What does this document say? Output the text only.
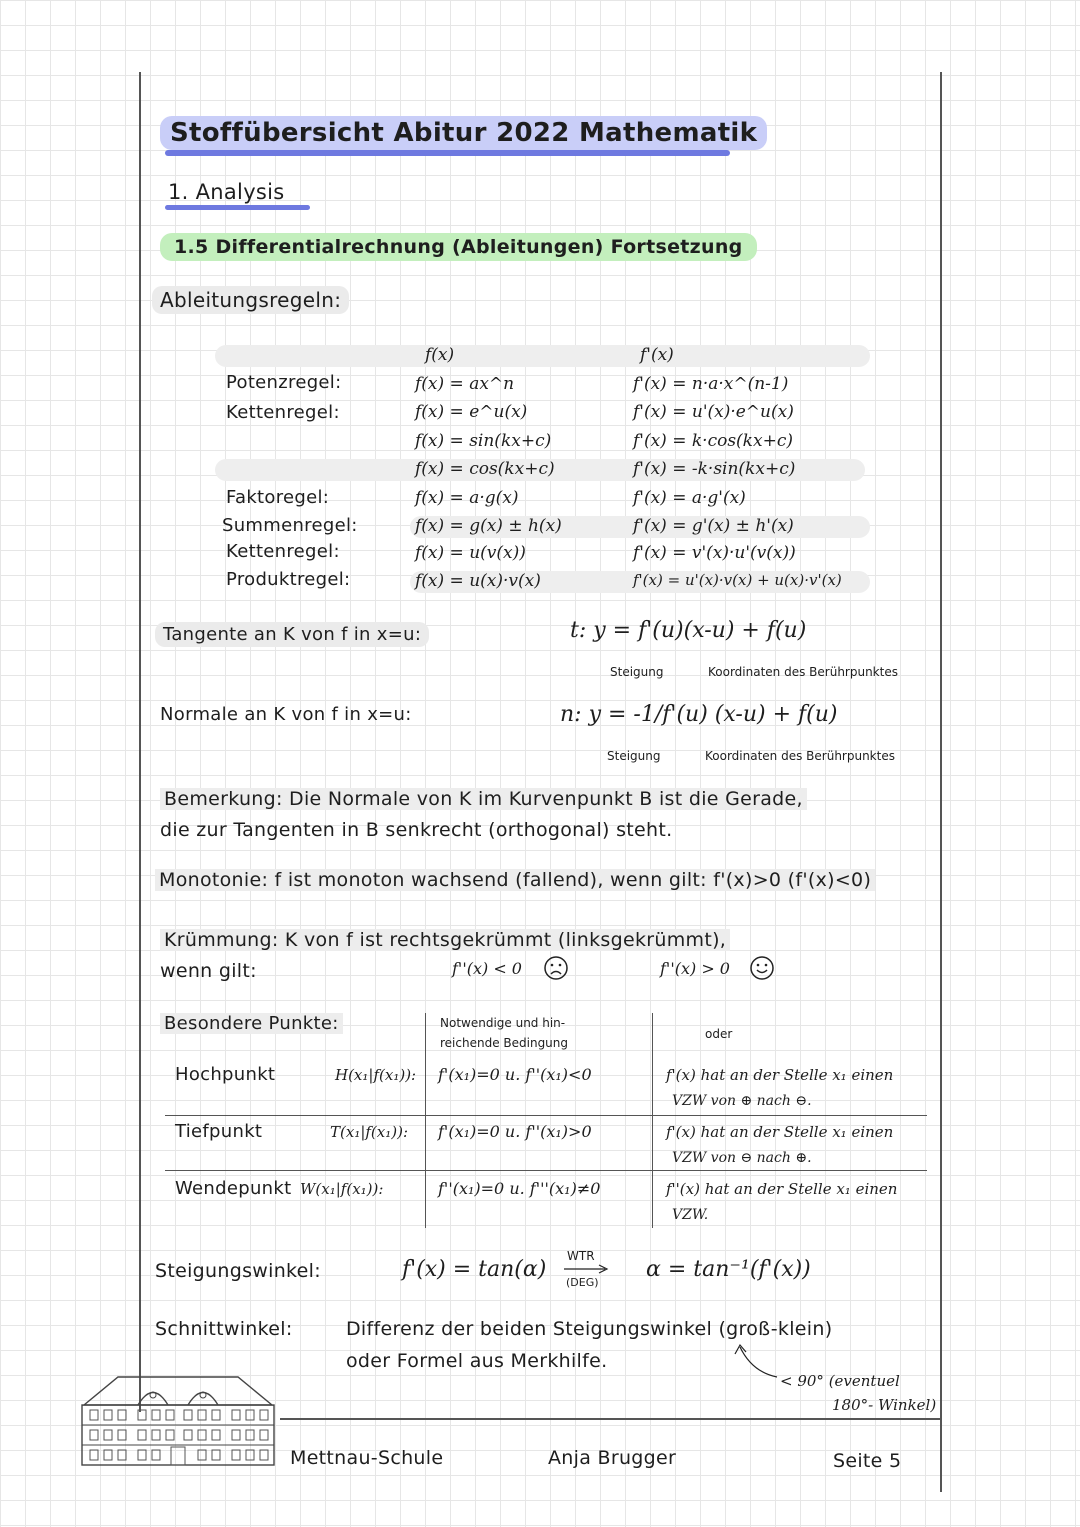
Stoffübersicht Abitur 2022 Mathematik
1. Analysis
1.5 Differentialrechnung (Ableitungen) Fortsetzung
Ableitungsregeln:
f(x)	f'(x)
Potenzregel:	f(x) = ax^n	f'(x) = n·a·x^(n-1)
Kettenregel:	f(x) = e^u(x)	f'(x) = u'(x)·e^u(x)
f(x) = sin(kx+c)	f'(x) = k·cos(kx+c)
f(x) = cos(kx+c)	f'(x) = -k·sin(kx+c)
Faktoregel:	f(x) = a·g(x)	f'(x) = a·g'(x)
Summenregel:	f(x) = g(x) ± h(x)	f'(x) = g'(x) ± h'(x)
Kettenregel:	f(x) = u(v(x))	f'(x) = v'(x)·u'(v(x))
Produktregel:	f(x) = u(x)·v(x)	f'(x) = u'(x)·v(x) + u(x)·v'(x)
Tangente an K von f in x=u:	t: y = f'(u)(x-u) + f(u)
Steigung	Koordinaten des Berührpunktes
Normale an K von f in x=u:	n: y = -1/f'(u) (x-u) + f(u)
Steigung	Koordinaten des Berührpunktes
Bemerkung: Die Normale von K im Kurvenpunkt B ist die Gerade,
die zur Tangenten in B senkrecht (orthogonal) steht.
Monotonie: f ist monoton wachsend (fallend), wenn gilt: f'(x)>0 (f'(x)<0)
Krümmung: K von f ist rechtsgekrümmt (linksgekrümmt),
wenn gilt:	f''(x) < 0	f''(x) > 0
Besondere Punkte:	Notwendige und hin- reichende Bedingung
oder
Hochpunkt	H(x₁|f(x₁)): f'(x₁)=0 u. f''(x₁)<0	f'(x) hat an der Stelle x₁ einen
VZW von ⊕ nach ⊖.
Tiefpunkt	T(x₁|f(x₁)): f'(x₁)=0 u. f''(x₁)>0	f'(x) hat an der Stelle x₁ einen
VZW von ⊖ nach ⊕.
Wendepunkt W(x₁|f(x₁)):	f''(x₁)=0 u. f'''(x₁)≠0	f''(x) hat an der Stelle x₁ einen
VZW.
Steigungswinkel:	f'(x) = tan(α)
WTR
(DEG)
α = tan⁻¹(f'(x))
Schnittwinkel:	Differenz der beiden Steigungswinkel (groß-klein)
oder Formel aus Merkhilfe.
< 90° (eventuel
180°- Winkel)
Mettnau-Schule	Anja Brugger	Seite 5
